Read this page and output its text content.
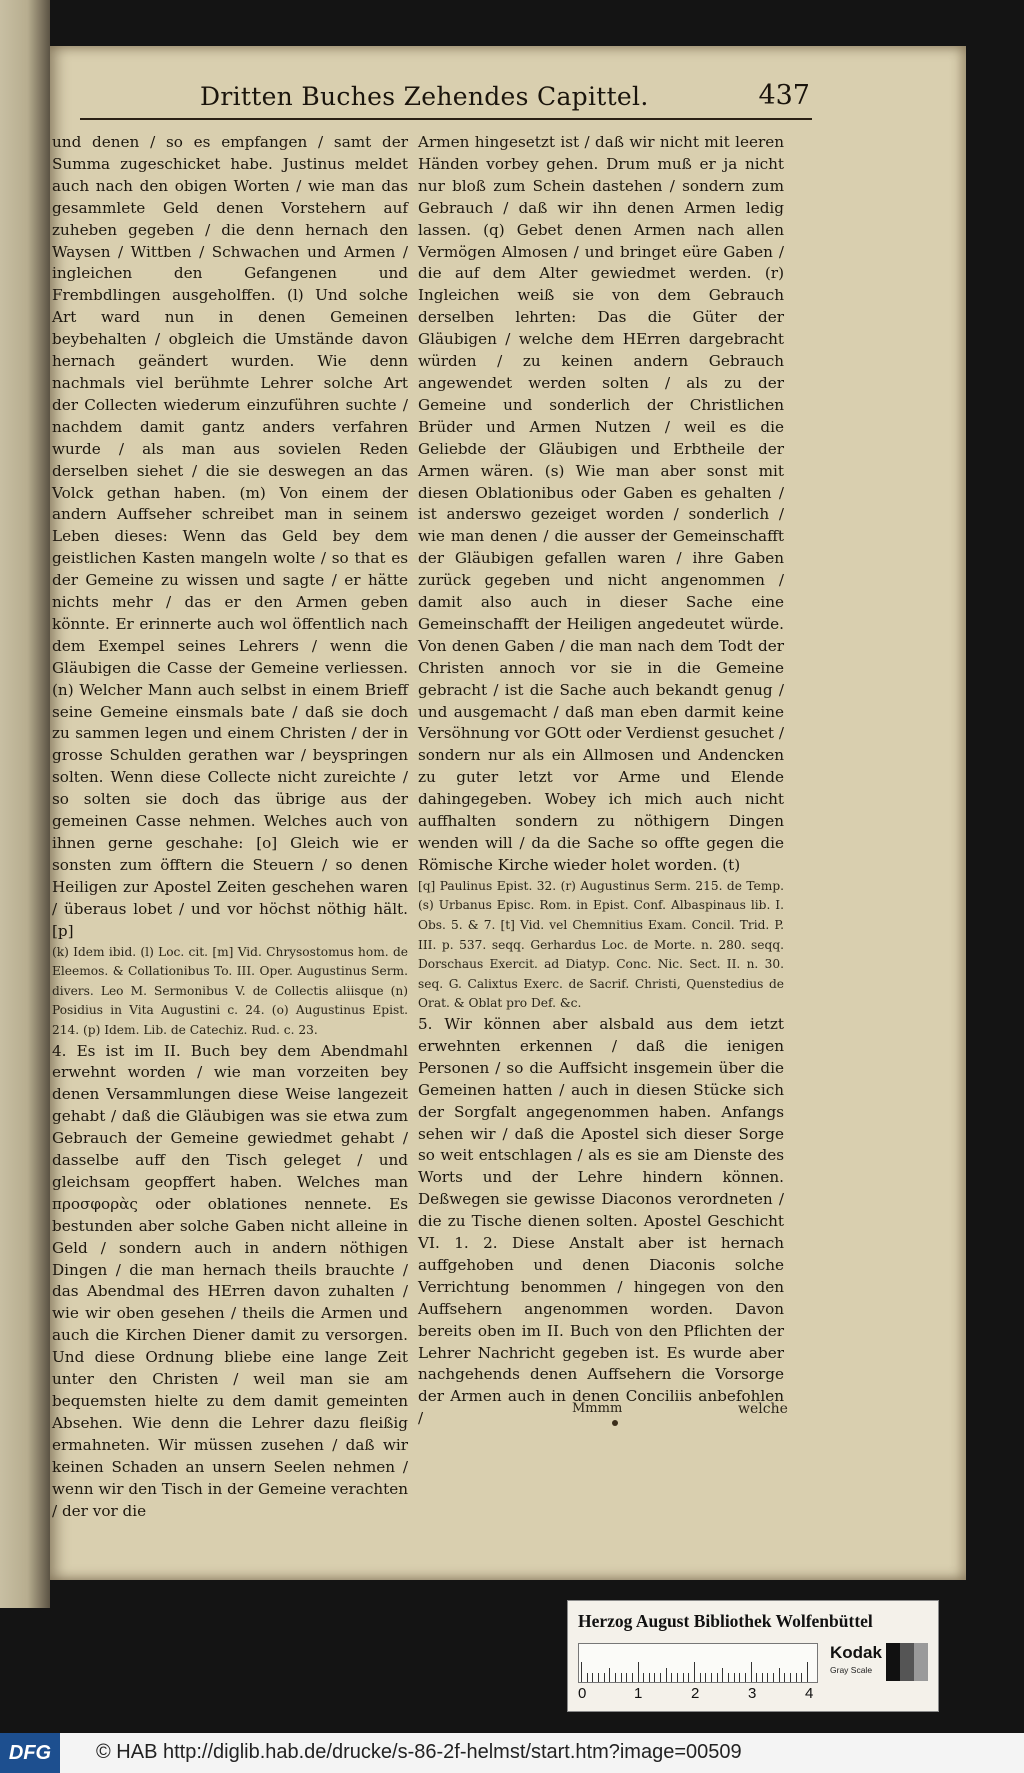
Dritten Buches Zehendes Capittel.	437

und denen / so es empfangen / samt der Summa zugeschicket habe. Justinus meldet auch nach den obigen Worten / wie man das gesammlete Geld denen Vorstehern auf zuheben gegeben / die denn hernach den Waysen / Wittben / Schwachen und Armen / ingleichen den Gefangenen und Frembdlingen ausgeholffen. (l) Und solche Art ward nun in denen Gemeinen beybehalten / obgleich die Umstände davon hernach geändert wurden. Wie denn nachmals viel berühmte Lehrer solche Art der Collecten wiederum einzuführen suchte / nachdem damit gantz anders verfahren wurde / als man aus sovielen Reden derselben siehet / die sie deswegen an das Volck gethan haben. (m) Von einem der andern Auffseher schreibet man in seinem Leben dieses: Wenn das Geld bey dem geistlichen Kasten mangeln wolte / so that es der Gemeine zu wissen und sagte / er hätte nichts mehr / das er den Armen geben könnte. Er erinnerte auch wol öffentlich nach dem Exempel seines Lehrers / wenn die Gläubigen die Casse der Gemeine verliessen. (n) Welcher Mann auch selbst in einem Brieff seine Gemeine einsmals bate / daß sie doch zu sammen legen und einem Christen / der in grosse Schulden gerathen war / beyspringen solten. Wenn diese Collecte nicht zureichte / so solten sie doch das übrige aus der gemeinen Casse nehmen. Welches auch von ihnen gerne geschahe: [o] Gleich wie er sonsten zum öfftern die Steuern / so denen Heiligen zur Apostel Zeiten geschehen waren / überaus lobet / und vor höchst nöthig hält. [p]

(k) Idem ibid. (l) Loc. cit. [m] Vid. Chrysostomus hom. de Eleemos. & Collationibus To. III. Oper. Augustinus Serm. divers. Leo M. Sermonibus V. de Collectis aliisque (n) Posidius in Vita Augustini c. 24. (o) Augustinus Epist. 214. (p) Idem. Lib. de Catechiz. Rud. c. 23.

4. Es ist im II. Buch bey dem Abendmahl erwehnt worden / wie man vorzeiten bey denen Versammlungen diese Weise langezeit gehabt / daß die Gläubigen was sie etwa zum Gebrauch der Gemeine gewiedmet gehabt / dasselbe auff den Tisch geleget / und gleichsam geopffert haben. Welches man προσφορὰς oder oblationes nennete. Es bestunden aber solche Gaben nicht alleine in Geld / sondern auch in andern nöthigen Dingen / die man hernach theils brauchte / das Abendmal des HErren davon zuhalten / wie wir oben gesehen / theils die Armen und auch die Kirchen Diener damit zu versorgen. Und diese Ordnung bliebe eine lange Zeit unter den Christen / weil man sie am bequemsten hielte zu dem damit gemeinten Absehen. Wie denn die Lehrer dazu fleißig ermahneten. Wir müssen zusehen / daß wir keinen Schaden an unsern Seelen nehmen / wenn wir den Tisch in der Gemeine verachten / der vor die

Armen hingesetzt ist / daß wir nicht mit leeren Händen vorbey gehen. Drum muß er ja nicht nur bloß zum Schein dastehen / sondern zum Gebrauch / daß wir ihn denen Armen ledig lassen. (q) Gebet denen Armen nach allen Vermögen Almosen / und bringet eüre Gaben / die auf dem Alter gewiedmet werden. (r) Ingleichen weiß sie von dem Gebrauch derselben lehrten: Das die Güter der Gläubigen / welche dem HErren dargebracht würden / zu keinen andern Gebrauch angewendet werden solten / als zu der Gemeine und sonderlich der Christlichen Brüder und Armen Nutzen / weil es die Geliebde der Gläubigen und Erbtheile der Armen wären. (s) Wie man aber sonst mit diesen Oblationibus oder Gaben es gehalten / ist anderswo gezeiget worden / sonderlich / wie man denen / die ausser der Gemeinschafft der Gläubigen gefallen waren / ihre Gaben zurück gegeben und nicht angenommen / damit also auch in dieser Sache eine Gemeinschafft der Heiligen angedeutet würde. Von denen Gaben / die man nach dem Todt der Christen annoch vor sie in die Gemeine gebracht / ist die Sache auch bekandt genug / und ausgemacht / daß man eben darmit keine Versöhnung vor GOtt oder Verdienst gesuchet / sondern nur als ein Allmosen und Andencken zu guter letzt vor Arme und Elende dahingegeben. Wobey ich mich auch nicht auffhalten sondern zu nöthigern Dingen wenden will / da die Sache so offte gegen die Römische Kirche wieder holet worden. (t)

[q] Paulinus Epist. 32. (r) Augustinus Serm. 215. de Temp. (s) Urbanus Episc. Rom. in Epist. Conf. Albaspinaus lib. I. Obs. 5. & 7. [t] Vid. vel Chemnitius Exam. Concil. Trid. P. III. p. 537. seqq. Gerhardus Loc. de Morte. n. 280. seqq. Dorschaus Exercit. ad Diatyp. Conc. Nic. Sect. II. n. 30. seq. G. Calixtus Exerc. de Sacrif. Christi, Quenstedius de Orat. & Oblat pro Def. &c.

5. Wir können aber alsbald aus dem ietzt erwehnten erkennen / daß die ienigen Personen / so die Auffsicht insgemein über die Gemeinen hatten / auch in diesen Stücke sich der Sorgfalt angegenommen haben. Anfangs sehen wir / daß die Apostel sich dieser Sorge so weit entschlagen / als es sie am Dienste des Worts und der Lehre hindern können. Deßwegen sie gewisse Diaconos verordneten / die zu Tische dienen solten. Apostel Geschicht VI. 1. 2. Diese Anstalt aber ist hernach auffgehoben und denen Diaconis solche Verrichtung benommen / hingegen von den Auffsehern angenommen worden. Davon bereits oben im II. Buch von den Pflichten der Lehrer Nachricht gegeben ist. Es wurde aber nachgehends denen Auffsehern die Vorsorge der Armen auch in denen Conciliis anbefohlen /

Mmmm	welche
Herzog August Bibliothek Wolfenbüttel
0	1	2	3	4
Kodak
Gray Scale
DFG	© HAB http://diglib.hab.de/drucke/s-86-2f-helmst/start.htm?image=00509
